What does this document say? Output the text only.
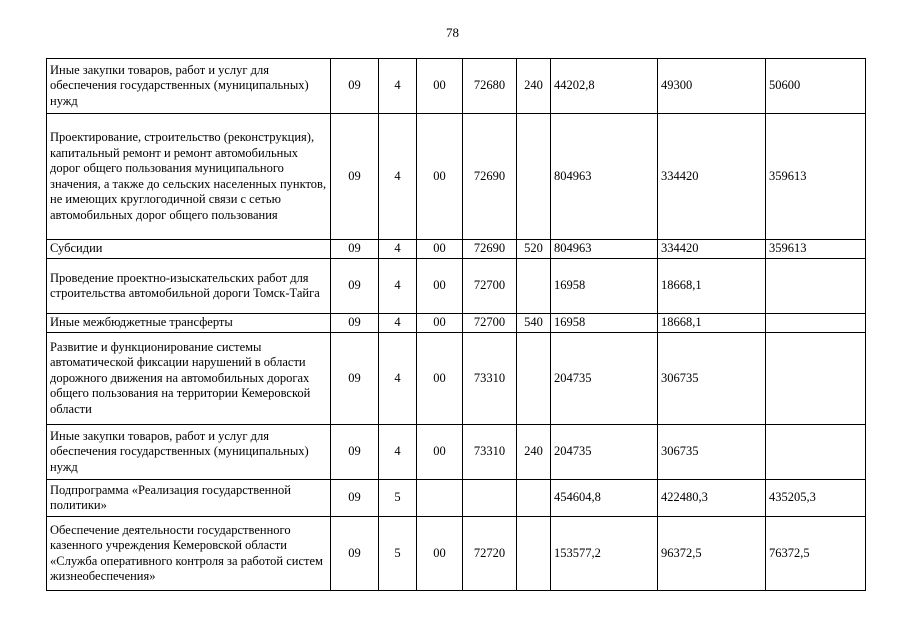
78
Иные закупки товаров, работ и услуг для обеспечения государственных (муниципальных) нужд	09	4	00	72680	240	44202,8	49300	50600
Проектирование, строительство (реконструкция), капитальный ремонт и ремонт автомобильных дорог общего пользования муниципального значения, а также до сельских населенных пунктов, не имеющих круглогодичной связи с сетью автомобильных дорог общего пользования	09	4	00	72690		804963	334420	359613
Субсидии	09	4	00	72690	520	804963	334420	359613
Проведение проектно-изыскательских работ для строительства автомобильной дороги Томск-Тайга	09	4	00	72700		16958	18668,1	
Иные межбюджетные трансферты	09	4	00	72700	540	16958	18668,1	
Развитие и функционирование системы автоматической фиксации нарушений в области дорожного движения на автомобильных дорогах общего пользования на территории Кемеровской области	09	4	00	73310		204735	306735	
Иные закупки товаров, работ и услуг для обеспечения государственных (муниципальных) нужд	09	4	00	73310	240	204735	306735	
Подпрограмма «Реализация государственной политики»	09	5				454604,8	422480,3	435205,3
Обеспечение деятельности государственного казенного учреждения Кемеровской области «Служба оперативного контроля за работой систем жизнеобеспечения»	09	5	00	72720		153577,2	96372,5	76372,5
